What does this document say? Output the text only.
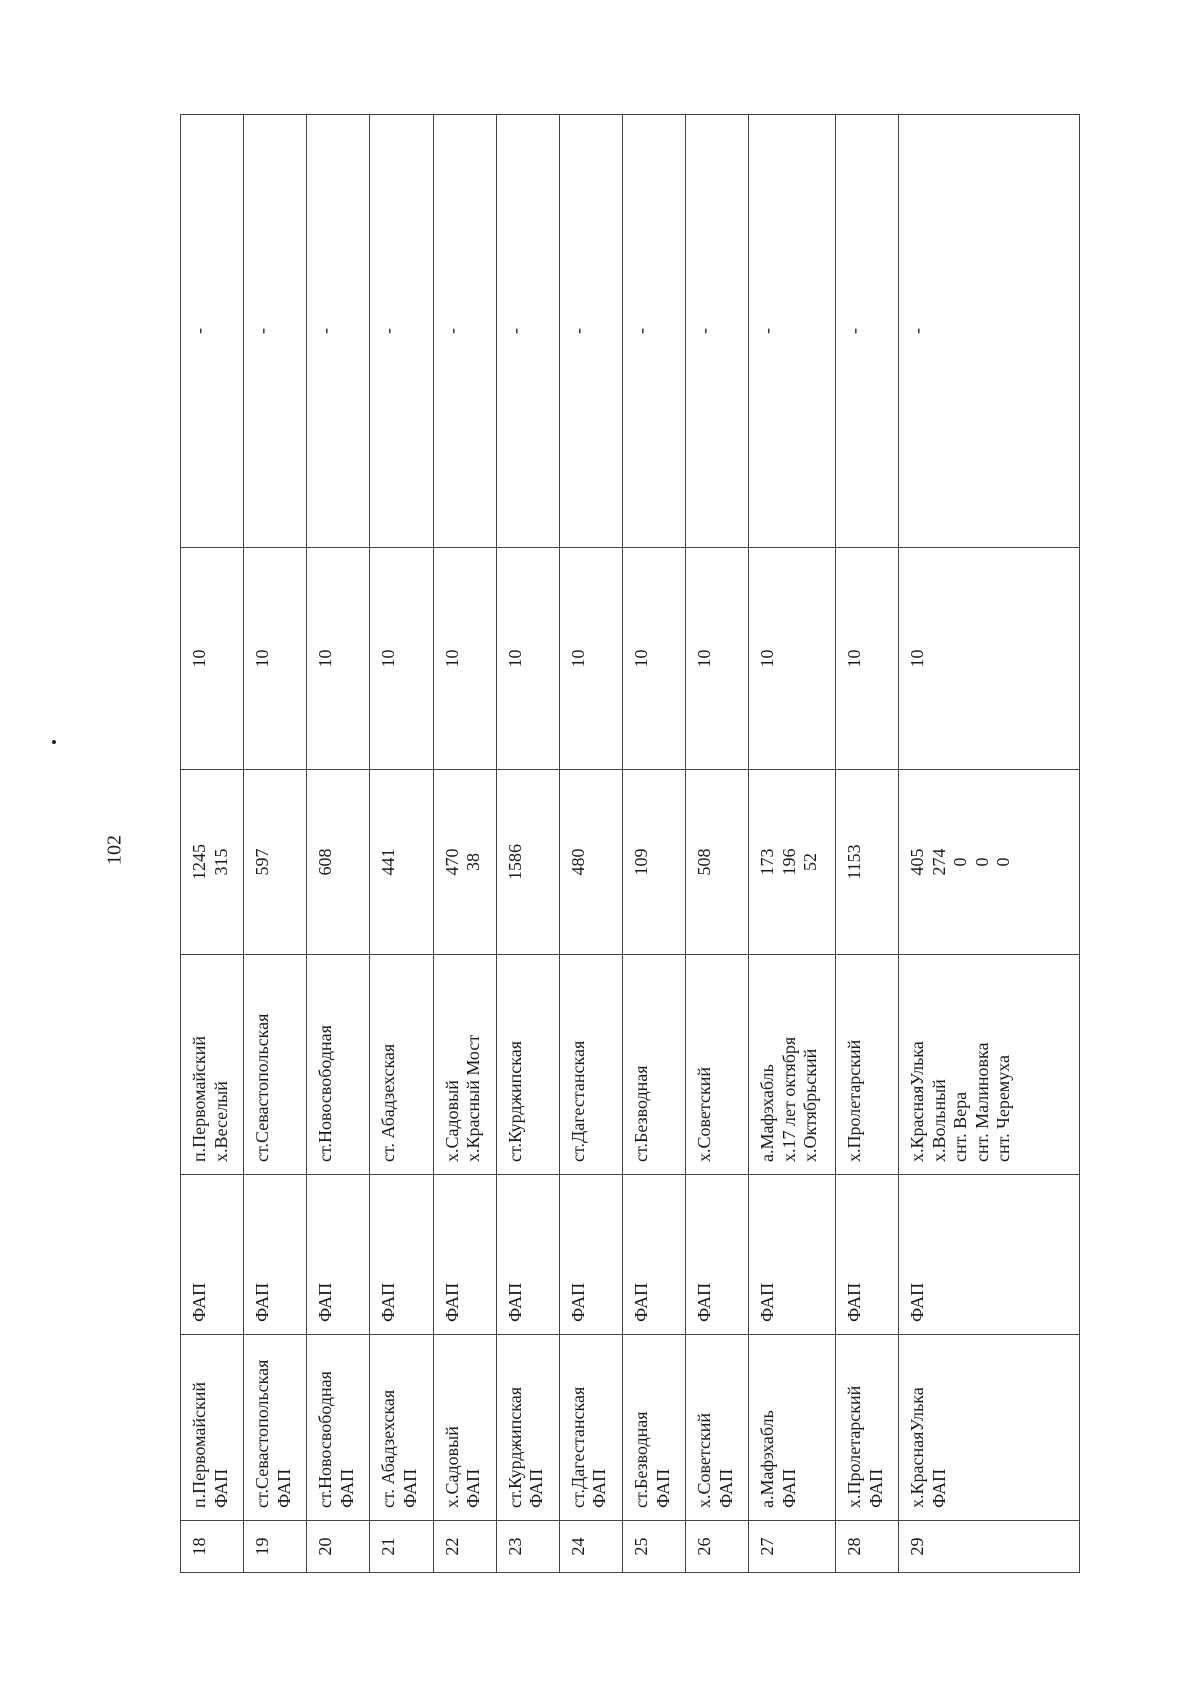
102
18	п.Первомайский ФАП	ФАП	п.Первомайский х.Веселый	1245 315	10	-
19	ст.Севастопольская ФАП	ФАП	ст.Севастопольская	597	10	-
20	ст.Новосвободная ФАП	ФАП	ст.Новосвободная	608	10	-
21	ст. Абадзехская ФАП	ФАП	ст. Абадзехская	441	10	-
22	х.Садовый ФАП	ФАП	х.Садовый х.Красный Мост	470 38	10	-
23	ст.Курджипская ФАП	ФАП	ст.Курджипская	1586	10	-
24	ст.Дагестанская ФАП	ФАП	ст.Дагестанская	480	10	-
25	ст.Безводная ФАП	ФАП	ст.Безводная	109	10	-
26	х.Советский ФАП	ФАП	х.Советский	508	10	-
27	а.Мафэхабль ФАП	ФАП	а.Мафэхабль х.17 лет октября х.Октябрьский	173 196 52	10	-
28	х.Пролетарский ФАП	ФАП	х.Пролетарский	1153	10	-
29	х.КраснаяУлька ФАП	ФАП	х.КраснаяУлька х.Вольный снт. Вера снт. Малиновка снт. Черемуха	405 274 0 0 0	10	-
